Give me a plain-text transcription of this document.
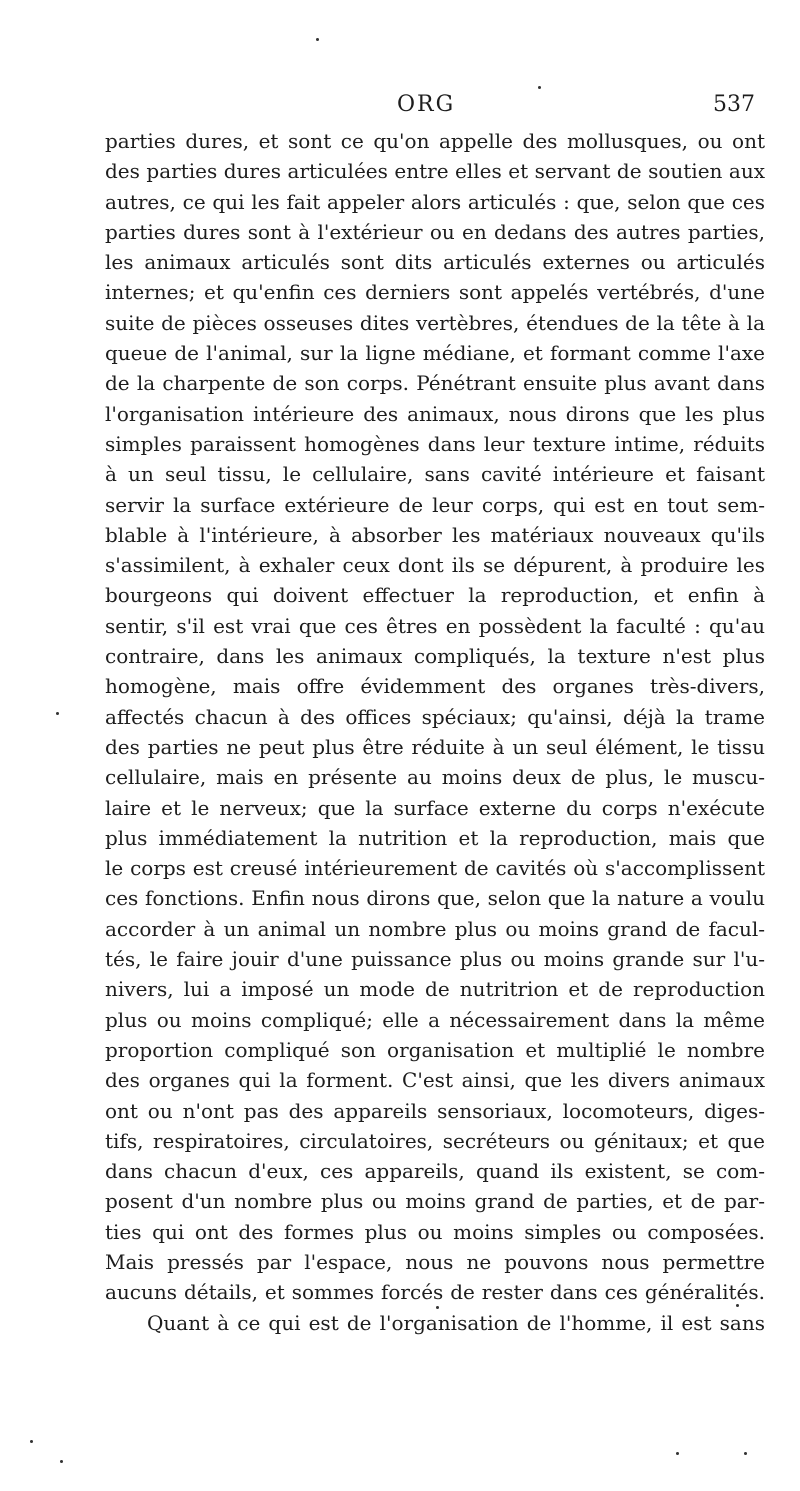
ORG	537
parties dures, et sont ce qu'on appelle des mollusques, ou ont
des parties dures articulées entre elles et servant de soutien aux
autres, ce qui les fait appeler alors articulés : que, selon que ces
parties dures sont à l'extérieur ou en dedans des autres parties,
les animaux articulés sont dits articulés externes ou articulés
internes; et qu'enfin ces derniers sont appelés vertébrés, d'une
suite de pièces osseuses dites vertèbres, étendues de la tête à la
queue de l'animal, sur la ligne médiane, et formant comme l'axe
de la charpente de son corps. Pénétrant ensuite plus avant dans
l'organisation intérieure des animaux, nous dirons que les plus
simples paraissent homogènes dans leur texture intime, réduits
à un seul tissu, le cellulaire, sans cavité intérieure et faisant
servir la surface extérieure de leur corps, qui est en tout sem-
blable à l'intérieure, à absorber les matériaux nouveaux qu'ils
s'assimilent, à exhaler ceux dont ils se dépurent, à produire les
bourgeons qui doivent effectuer la reproduction, et enfin à
sentir, s'il est vrai que ces êtres en possèdent la faculté : qu'au
contraire, dans les animaux compliqués, la texture n'est plus
homogène, mais offre évidemment des organes très-divers,
affectés chacun à des offices spéciaux; qu'ainsi, déjà la trame
des parties ne peut plus être réduite à un seul élément, le tissu
cellulaire, mais en présente au moins deux de plus, le muscu-
laire et le nerveux; que la surface externe du corps n'exécute
plus immédiatement la nutrition et la reproduction, mais que
le corps est creusé intérieurement de cavités où s'accomplissent
ces fonctions. Enfin nous dirons que, selon que la nature a voulu
accorder à un animal un nombre plus ou moins grand de facul-
tés, le faire jouir d'une puissance plus ou moins grande sur l'u-
nivers, lui a imposé un mode de nutritrion et de reproduction
plus ou moins compliqué; elle a nécessairement dans la même
proportion compliqué son organisation et multiplié le nombre
des organes qui la forment. C'est ainsi, que les divers animaux
ont ou n'ont pas des appareils sensoriaux, locomoteurs, diges-
tifs, respiratoires, circulatoires, secréteurs ou génitaux; et que
dans chacun d'eux, ces appareils, quand ils existent, se com-
posent d'un nombre plus ou moins grand de parties, et de par-
ties qui ont des formes plus ou moins simples ou composées.
Mais pressés par l'espace, nous ne pouvons nous permettre
aucuns détails, et sommes forcés de rester dans ces généralités.
Quant à ce qui est de l'organisation de l'homme, il est sans
